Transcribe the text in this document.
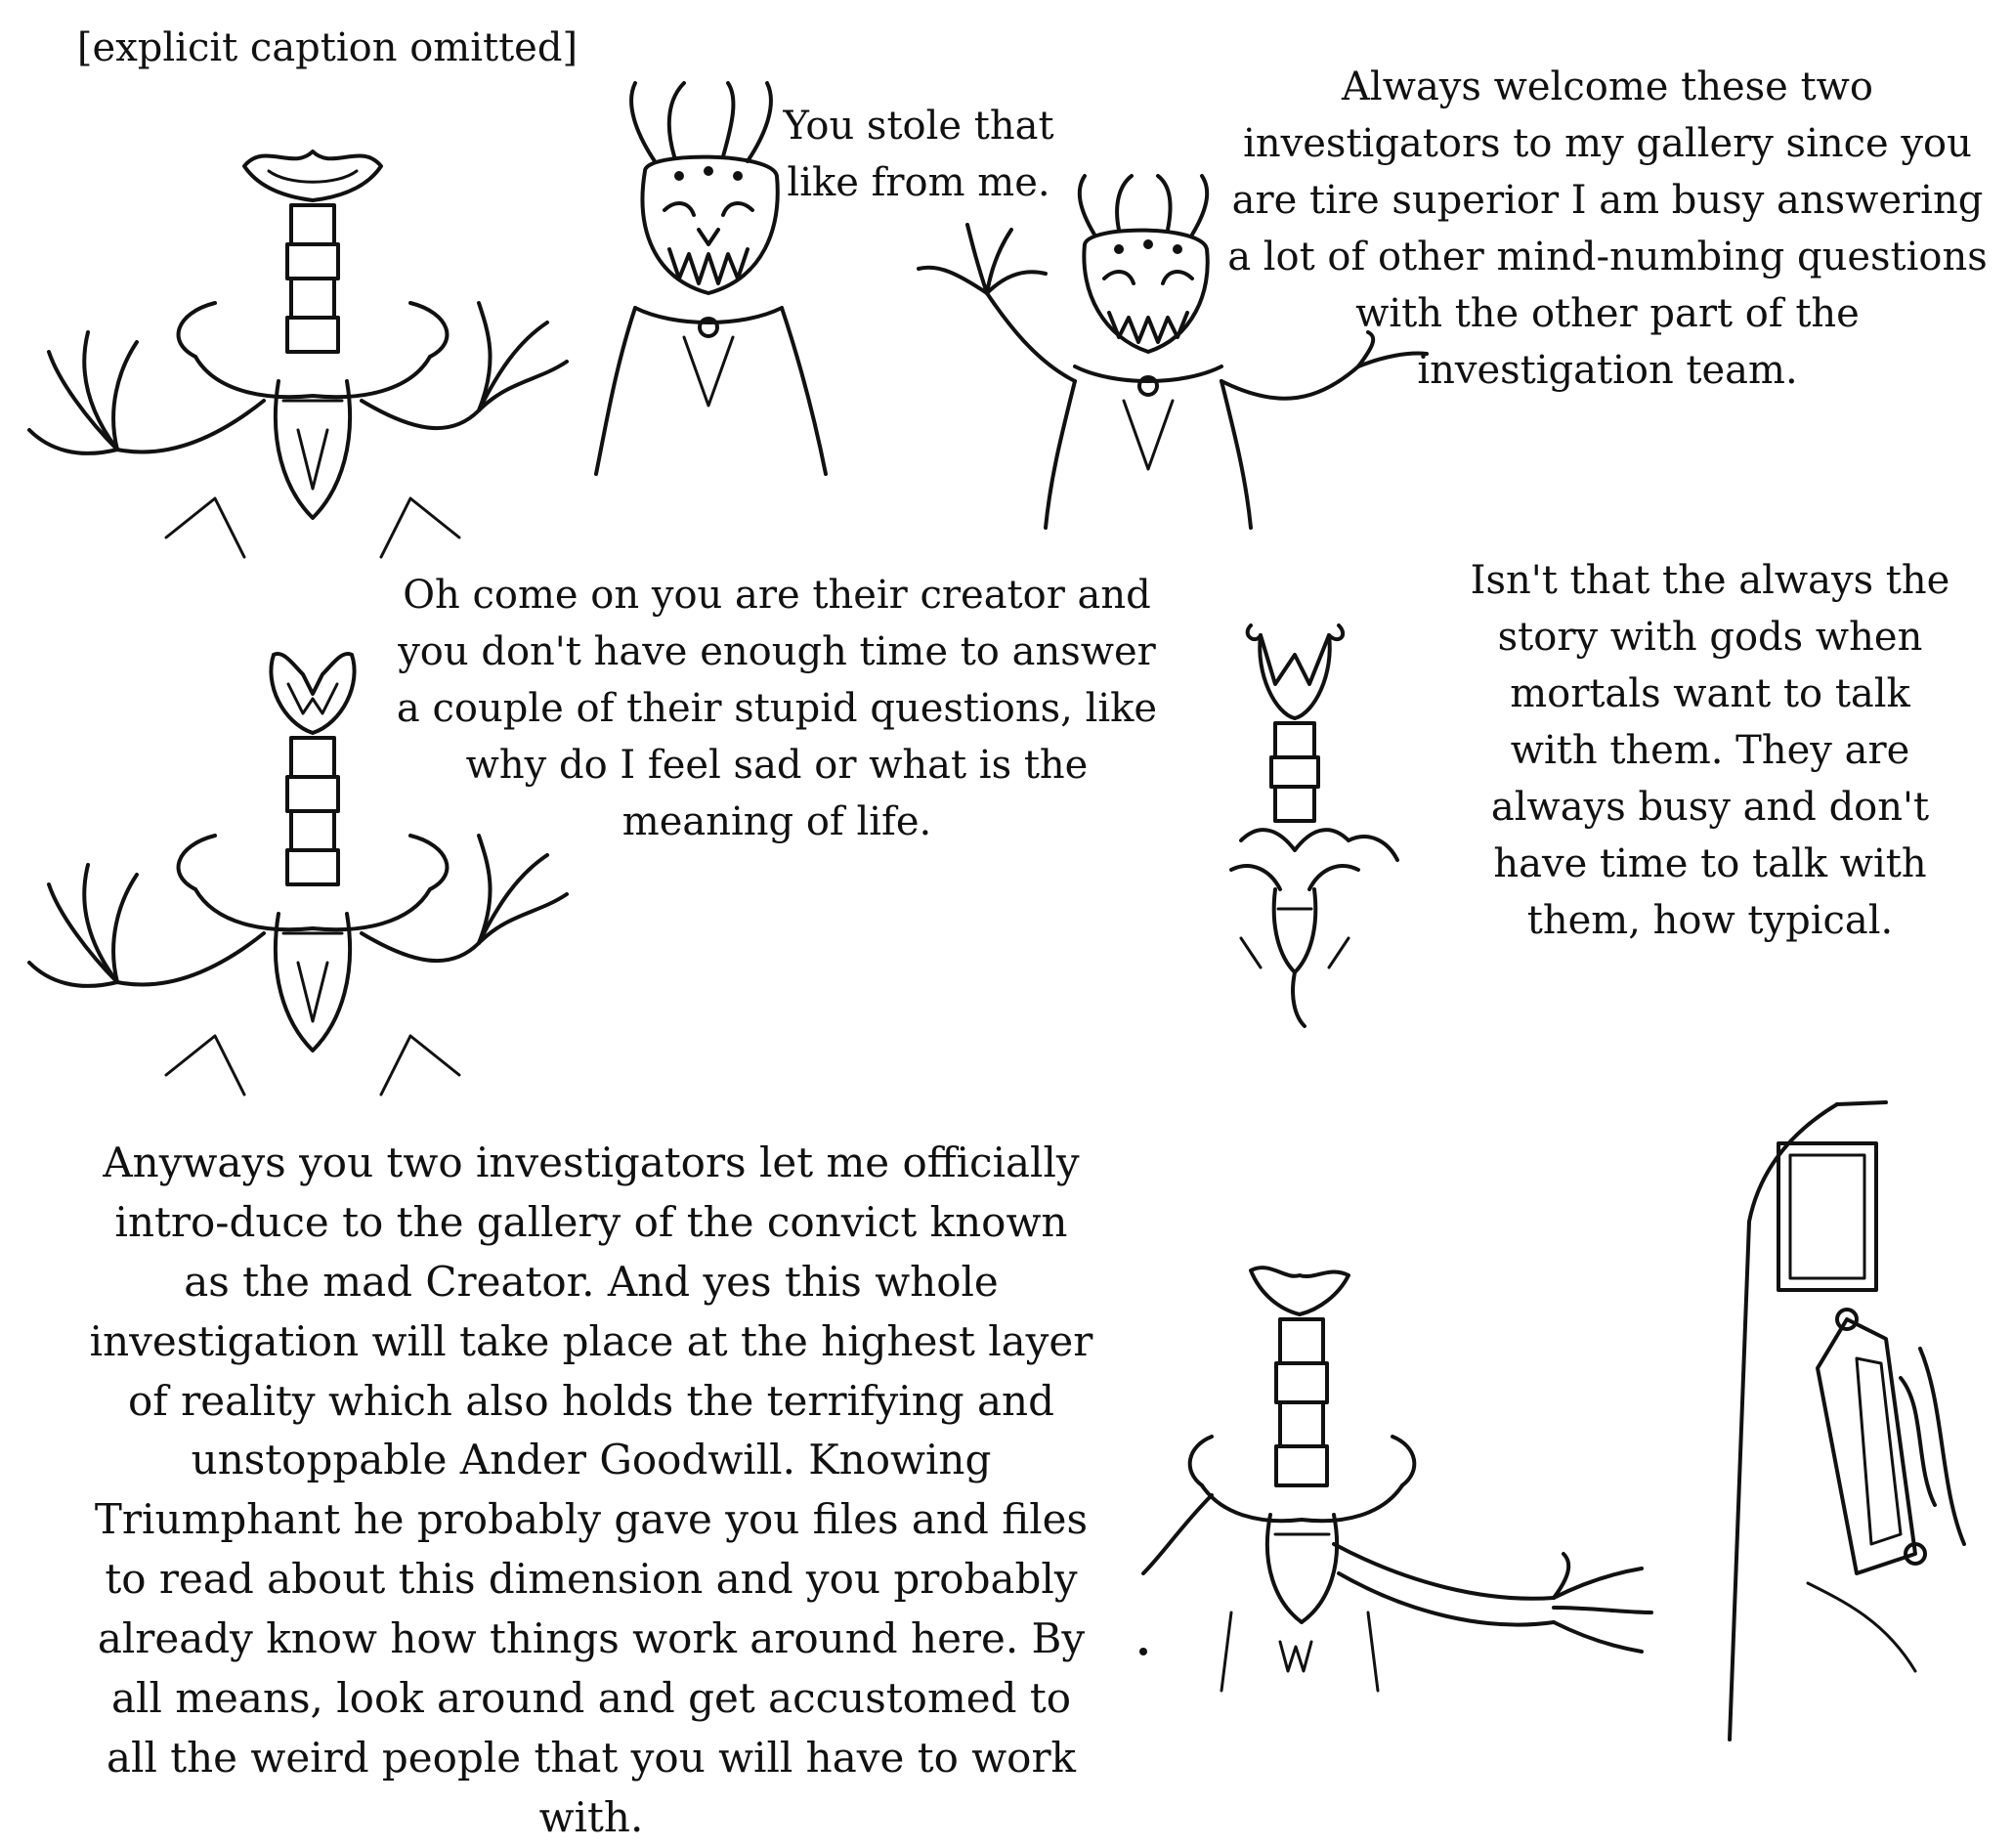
[explicit caption omitted]

You stole that like from me.

Always welcome these two investigators to my gallery since you are tire superior I am busy answering a lot of other mind-numbing questions with the other part of the investigation team.

Oh come on you are their creator and you don't have enough time to answer a couple of their stupid questions, like why do I feel sad or what is the meaning of life.

Isn't that the always the story with gods when mortals want to talk with them. They are always busy and don't have time to talk with them, how typical.

Anyways you two investigators let me officially intro-duce to the gallery of the convict known as the mad Creator. And yes this whole investigation will take place at the highest layer of reality which also holds the terrifying and unstoppable Ander Goodwill. Knowing Triumphant he probably gave you files and files to read about this dimension and you probably already know how things work around here. By all means, look around and get accustomed to all the weird people that you will have to work with.
